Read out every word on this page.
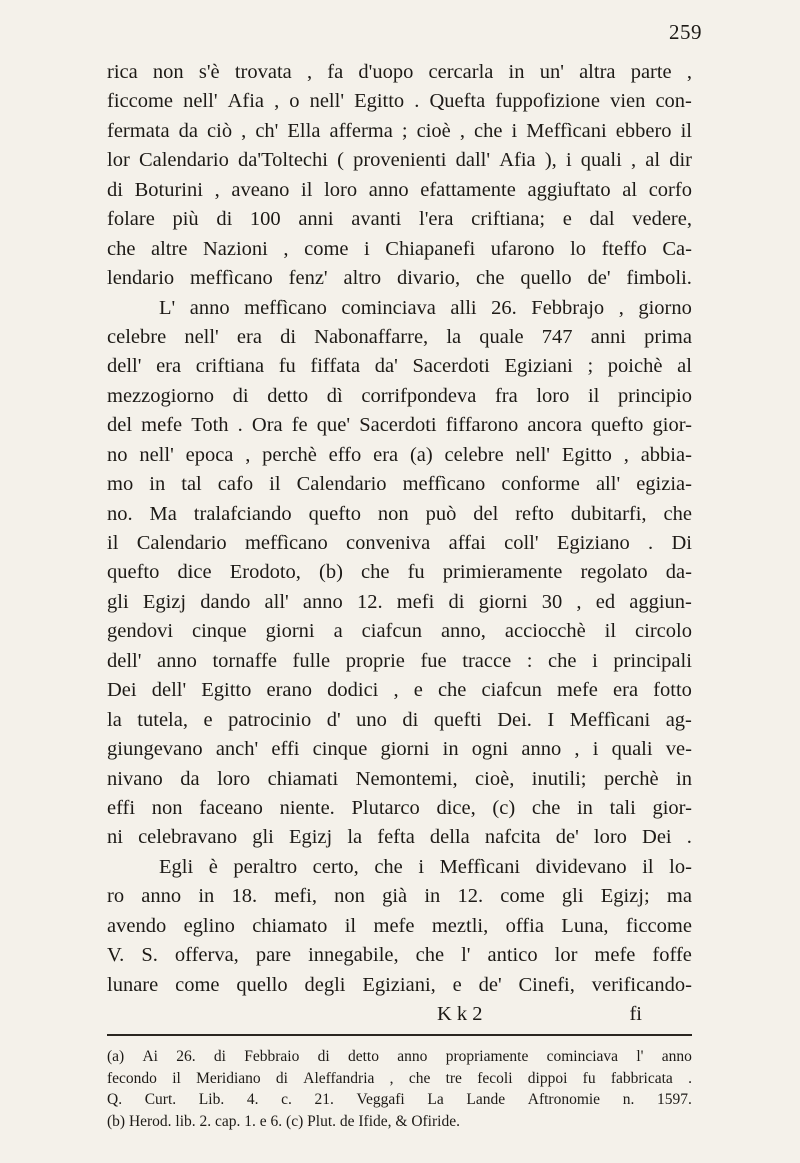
259
rica non s'è trovata , fa d'uopo cercarla in un' altra parte ,
ficcome nell' Afia , o nell' Egitto . Quefta fuppofizione vien con-
fermata da ciò , ch' Ella afferma ; cioè , che i Meffìcani ebbero il
lor Calendario da'Toltechi ( provenienti dall' Afia ), i quali , al dir
di Boturini , aveano il loro anno efattamente aggiuftato al corfo
folare più di 100 anni avanti l'era criftiana; e dal vedere,
che altre Nazioni , come i Chiapanefi ufarono lo fteffo Ca-
lendario meffìcano fenz' altro divario, che quello de' fimboli.
L' anno meffìcano cominciava alli 26. Febbrajo , giorno
celebre nell' era di Nabonaffarre, la quale 747 anni prima
dell' era criftiana fu fiffata da' Sacerdoti Egiziani ; poichè al
mezzogiorno di detto dì corrifpondeva fra loro il principio
del mefe Toth . Ora fe que' Sacerdoti fiffarono ancora quefto gior-
no nell' epoca , perchè effo era (a) celebre nell' Egitto , abbia-
mo in tal cafo il Calendario meffìcano conforme all' egizia-
no. Ma tralafciando quefto non può del refto dubitarfi, che
il Calendario meffìcano conveniva affai coll' Egiziano . Di
quefto dice Erodoto, (b) che fu primieramente regolato da-
gli Egizj dando all' anno 12. mefi di giorni 30 , ed aggiun-
gendovi cinque giorni a ciafcun anno, acciocchè il circolo
dell' anno tornaffe fulle proprie fue tracce : che i principali
Dei dell' Egitto erano dodici , e che ciafcun mefe era fotto
la tutela, e patrocinio d' uno di quefti Dei. I Meffìcani ag-
giungevano anch' effi cinque giorni in ogni anno , i quali ve-
nivano da loro chiamati Nemontemi, cioè, inutili; perchè in
effi non faceano niente. Plutarco dice, (c) che in tali gior-
ni celebravano gli Egizj la fefta della nafcita de' loro Dei .
Egli è peraltro certo, che i Meffìcani dividevano il lo-
ro anno in 18. mefi, non già in 12. come gli Egizj; ma
avendo eglino chiamato il mefe meztli, offia Luna, ficcome
V. S. offerva, pare innegabile, che l' antico lor mefe foffe
lunare come quello degli Egiziani, e de' Cinefi, verificando-
K k 2	fi
(a) Ai 26. di Febbraio di detto anno propriamente cominciava l' anno
fecondo il Meridiano di Aleffandria , che tre fecoli dippoi fu fabbricata .
Q. Curt. Lib. 4. c. 21. Veggafi La Lande Aftronomie n. 1597.
(b) Herod. lib. 2. cap. 1. e 6. (c) Plut. de Ifide, & Ofiride.
